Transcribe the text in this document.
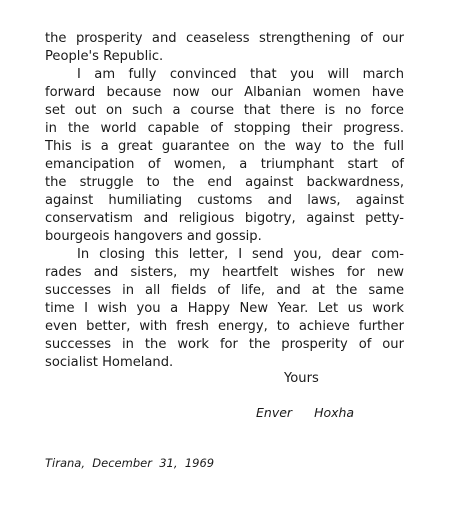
the prosperity and ceaseless strengthening of our
People's Republic.

I am fully convinced that you will march
forward because now our Albanian women have
set out on such a course that there is no force
in the world capable of stopping their progress.
This is a great guarantee on the way to the full
emancipation of women, a triumphant start of
the struggle to the end against backwardness,
against humiliating customs and laws, against
conservatism and religious bigotry, against petty-
bourgeois hangovers and gossip.

In closing this letter, I send you, dear com-
rades and sisters, my heartfelt wishes for new
successes in all fields of life, and at the same
time I wish you a Happy New Year. Let us work
even better, with fresh energy, to achieve further
successes in the work for the prosperity of our
socialist Homeland.

Yours
Enver Hoxha
Tirana,  December  31,  1969
